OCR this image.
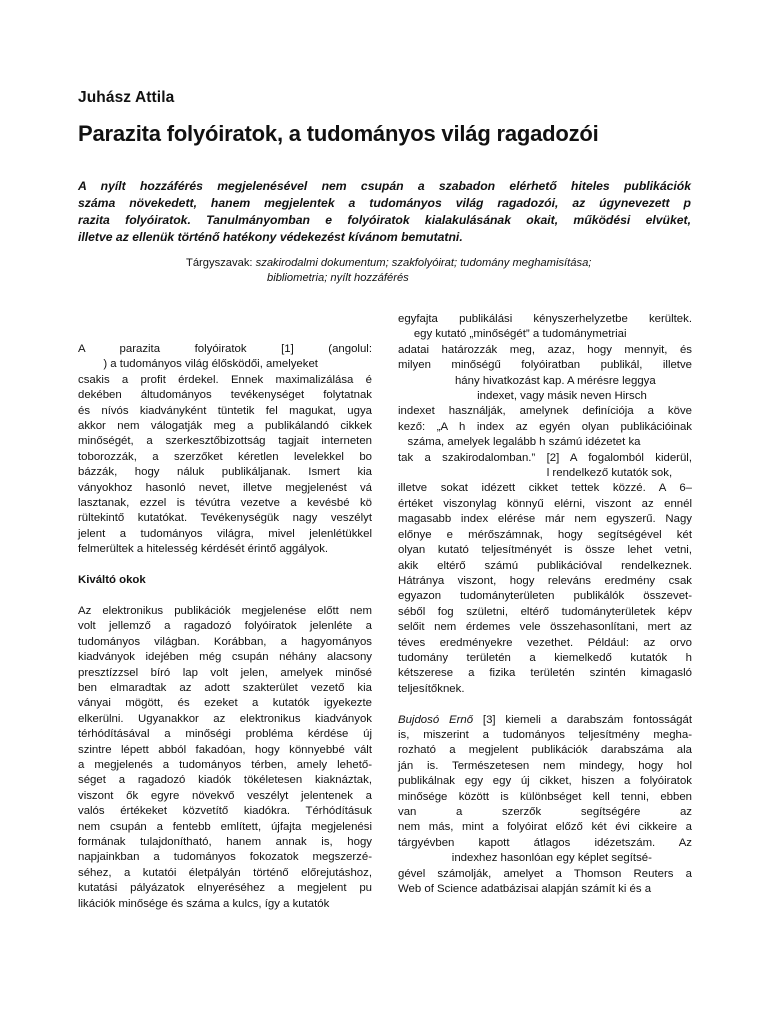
Juhász Attila
Parazita folyóiratok, a tudományos világ ragadozói
A nyílt hozzáférés megjelenésével nem csupán a szabadon elérhető hiteles publikációk
száma növekedett, hanem megjelentek a tudományos világ ragadozói, az úgynevezett p
razita folyóiratok. Tanulmányomban e folyóiratok kialakulásának okait, működési elvüket,
illetve az ellenük történő hatékony védekezést kívánom bemutatni.
Tárgyszavak: szakirodalmi dokumentum; szakfolyóirat; tudomány meghamisítása;
bibliometria; nyílt hozzáférés
A parazita folyóiratok [1] (angolul:
) a tudományos világ élősködői, amelyeket
csakis a profit érdekel. Ennek maximalizálása é
dekében áltudományos tevékenységet folytatnak
és nívós kiadványként tüntetik fel magukat, ugya
akkor nem válogatják meg a publikálandó cikkek
minőségét, a szerkesztőbizottság tagjait interneten
toborozzák, a szerzőket kéretlen levelekkel bo
bázzák, hogy náluk publikáljanak. Ismert kia
ványokhoz hasonló nevet, illetve megjelenést vá
lasztanak, ezzel is tévútra vezetve a kevésbé kö
rültekintő kutatókat. Tevékenységük nagy veszélyt
jelent a tudományos világra, mivel jelenlétükkel
felmerültek a hitelesség kérdését érintő aggályok.
Kiváltó okok
Az elektronikus publikációk megjelenése előtt nem
volt jellemző a ragadozó folyóiratok jelenléte a
tudományos világban. Korábban, a hagyományos
kiadványok idejében még csupán néhány alacsony
presztízzsel bíró lap volt jelen, amelyek minősé
ben elmaradtak az adott szakterület vezető kia
ványai mögött, és ezeket a kutatók igyekezte
elkerülni. Ugyanakkor az elektronikus kiadványok
térhódításával a minőségi probléma kérdése új
szintre lépett abból fakadóan, hogy könnyebbé vált
a megjelenés a tudományos térben, amely lehető-
séget a ragadozó kiadók tökéletesen kiaknáztak,
viszont ők egyre növekvő veszélyt jelentenek a
valós értékeket közvetítő kiadókra. Térhódításuk
nem csupán a fentebb említett, újfajta megjelenési
formának tulajdonítható, hanem annak is, hogy
napjainkban a tudományos fokozatok megszerzé-
séhez, a kutatói életpályán történő előrejutáshoz,
kutatási pályázatok elnyeréséhez a megjelent pu
likációk minősége és száma a kulcs, így a kutatók
egyfajta publikálási kényszerhelyzetbe kerültek.
egy kutató „minőségét” a tudománymetriai
adatai határozzák meg, azaz, hogy mennyit, és
milyen minőségű folyóiratban publikál, illetve
hány hivatkozást kap. A mérésre leggya
indexet, vagy másik neven Hirsch
indexet használják, amelynek definíciója a köve
kező: „A h index az egyén olyan publikációinak
száma, amelyek legalább h számú idézetet ka
tak a szakirodalomban.” [2] A fogalomból kiderül,
l rendelkező kutatók sok,
illetve sokat idézett cikket tettek közzé. A 6–
értéket viszonylag könnyű elérni, viszont az ennél
magasabb index elérése már nem egyszerű. Nagy
előnye e mérőszámnak, hogy segítségével két
olyan kutató teljesítményét is össze lehet vetni,
akik eltérő számú publikációval rendelkeznek.
Hátránya viszont, hogy releváns eredmény csak
egyazon tudományterületen publikálók összevet-
séből fog születni, eltérő tudományterületek képv
selőit nem érdemes vele összehasonlítani, mert az
téves eredményekre vezethet. Például: az orvo
tudomány területén a kiemelkedő kutatók h
kétszerese a fizika területén szintén kimagasló
teljesítőknek.
Bujdosó Ernő [3] kiemeli a darabszám fontosságát
is, miszerint a tudományos teljesítmény megha-
rozható a megjelent publikációk darabszáma ala
ján is. Természetesen nem mindegy, hogy hol
publikálnak egy egy új cikket, hiszen a folyóiratok
minősége között is különbséget kell tenni, ebben
van a szerzők segítségére az
nem más, mint a folyóirat előző két évi cikkeire a
tárgyévben kapott átlagos idézetszám. Az
indexhez hasonlóan egy képlet segítsé-
gével számolják, amelyet a Thomson Reuters a
Web of Science adatbázisai alapján számít ki és a
